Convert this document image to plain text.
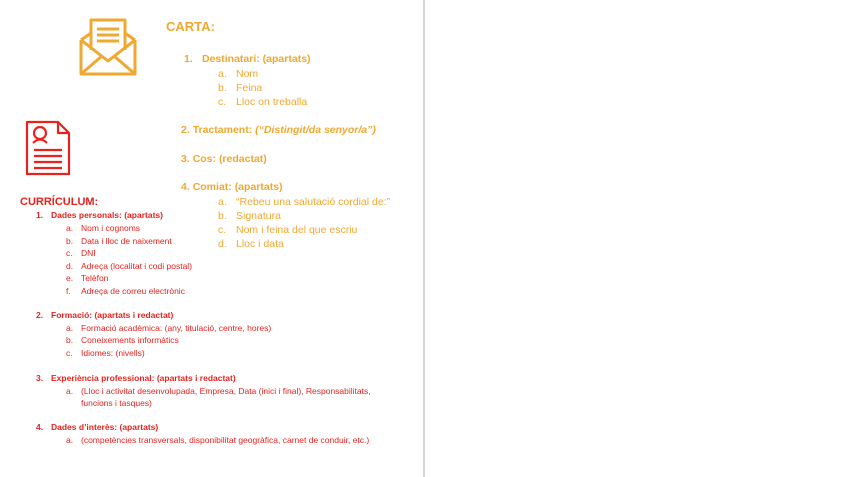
CARTA:
1. Destinatari: (apartats)
a. Nom
b. Feina
c. Lloc on treballa
2. Tractament: (“Distingit/da senyor/a”)
3. Cos: (redactat)
4. Comiat: (apartats)
a. “Rebeu una salutació cordial de:”
b. Signatura
c. Nom i feina del que escriu
d. Lloc i data
CURRÍCULUM:
1. Dades personals: (apartats)
a. Nom i cognoms
b. Data i lloc de naixement
c. DNI
d. Adreça (localitat i codi postal)
e. Telèfon
f. Adreça de correu electrònic
2. Formació: (apartats i redactat)
a. Formació acadèmica: (any, titulació, centre, hores)
b. Coneixements informàtics
c. Idiomes: (nivells)
3. Experiència professional: (apartats i redactat)
a. (Lloc i activitat desenvolupada, Empresa, Data (inici i final), Responsabilitats,
funcions i tasques)
4. Dades d’interès: (apartats)
a. (competències transversals, disponibilitat geogràfica, carnet de conduir, etc.)
